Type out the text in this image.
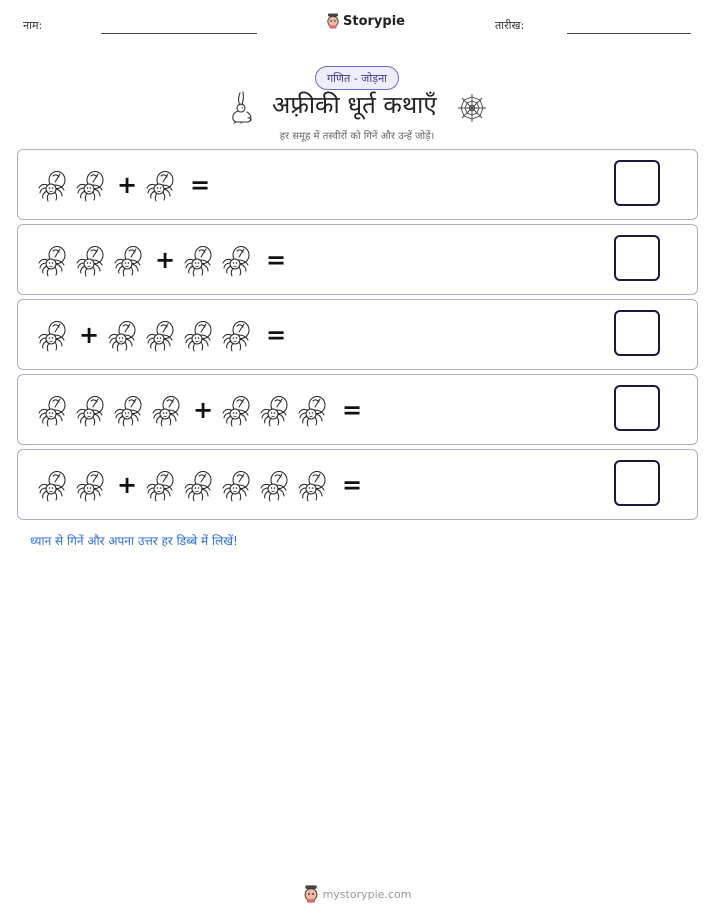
नाम:	Storypie	तारीख:
गणित - जोड़ना
अफ़्रीकी धूर्त कथाएँ
हर समूह में तस्वीरों को गिनें और उन्हें जोड़ें।
+ =
+	=
+	=
+	=
+	=
ध्यान से गिनें और अपना उत्तर हर डिब्बे में लिखें!
mystorypie.com
